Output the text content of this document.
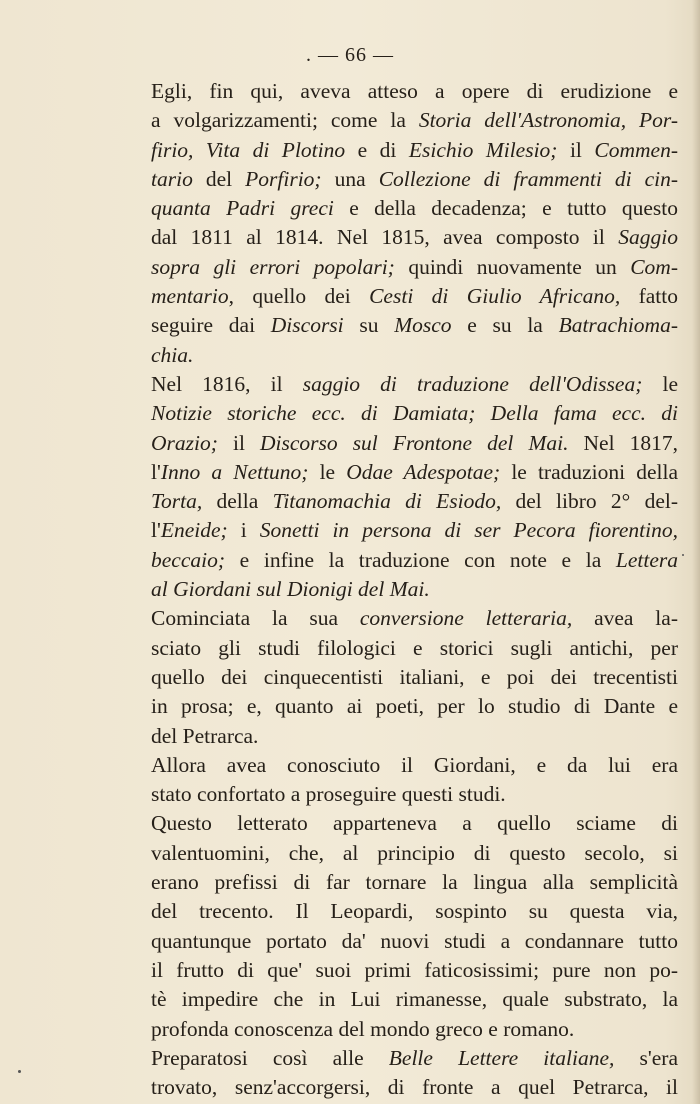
. — 66 —
Egli, fin qui, aveva atteso a opere di erudizione e
a volgarizzamenti; come la Storia dell'Astronomia, Por-
firio, Vita di Plotino e di Esichio Milesio; il Commen-
tario del Porfirio; una Collezione di frammenti di cin-
quanta Padri greci e della decadenza; e tutto questo
dal 1811 al 1814. Nel 1815, avea composto il Saggio
sopra gli errori popolari; quindi nuovamente un Com-
mentario, quello dei Cesti di Giulio Africano, fatto
seguire dai Discorsi su Mosco e su la Batrachioma-
chia.
Nel 1816, il saggio di traduzione dell'Odissea; le
Notizie storiche ecc. di Damiata; Della fama ecc. di
Orazio; il Discorso sul Frontone del Mai. Nel 1817,
l'Inno a Nettuno; le Odae Adespotae; le traduzioni della
Torta, della Titanomachia di Esiodo, del libro 2° del-
l'Eneide; i Sonetti in persona di ser Pecora fiorentino,
beccaio; e infine la traduzione con note e la Lettera
al Giordani sul Dionigi del Mai.
Cominciata la sua conversione letteraria, avea la-
sciato gli studi filologici e storici sugli antichi, per
quello dei cinquecentisti italiani, e poi dei trecentisti
in prosa; e, quanto ai poeti, per lo studio di Dante e
del Petrarca.
Allora avea conosciuto il Giordani, e da lui era
stato confortato a proseguire questi studi.
Questo letterato apparteneva a quello sciame di
valentuomini, che, al principio di questo secolo, si
erano prefissi di far tornare la lingua alla semplicità
del trecento. Il Leopardi, sospinto su questa via,
quantunque portato da' nuovi studi a condannare tutto
il frutto di que' suoi primi faticosissimi; pure non po-
tè impedire che in Lui rimanesse, quale substrato, la
profonda conoscenza del mondo greco e romano.
Preparatosi così alle Belle Lettere italiane, s'era
trovato, senz'accorgersi, di fronte a quel Petrarca, il
